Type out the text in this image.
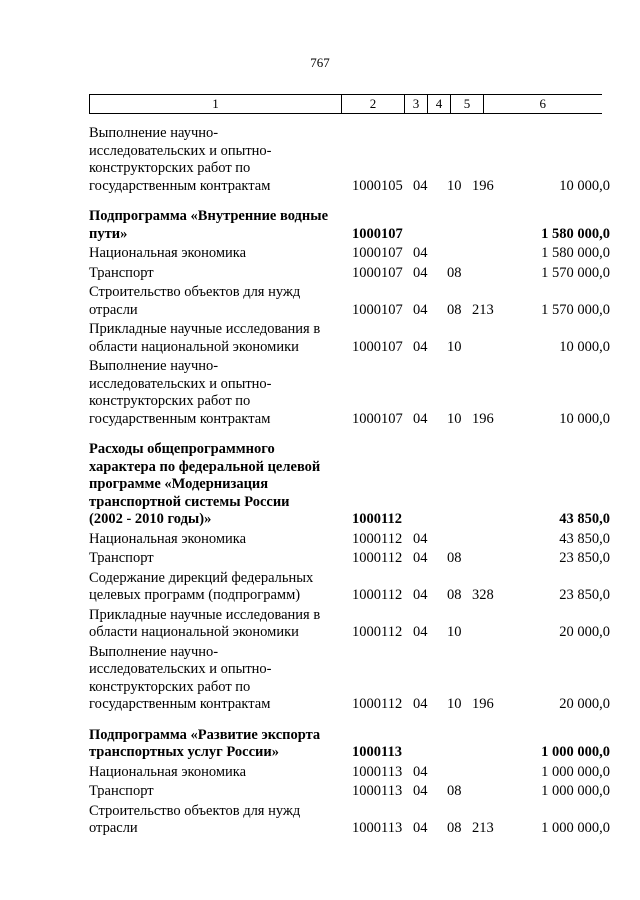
767
1	2	3	4	5	6
Выполнение научно-
исследовательских и опытно-
конструкторских работ по
государственным контрактам	1000105 04 10 196	10 000,0
Подпрограмма «Внутренние водные
пути»	1000107	1 580 000,0
Национальная экономика	1000107 04	1 580 000,0
Транспорт	1000107 04 08	1 570 000,0
Строительство объектов для нужд
отрасли	1000107 04 08 213	1 570 000,0
Прикладные научные исследования в
области национальной экономики	1000107 04 10	10 000,0
Выполнение научно-
исследовательских и опытно-
конструкторских работ по
государственным контрактам	1000107 04 10 196	10 000,0
Расходы общепрограммного
характера по федеральной целевой
программе «Модернизация
транспортной системы России
(2002 - 2010 годы)»	1000112	43 850,0
Национальная экономика	1000112 04	43 850,0
Транспорт	1000112 04 08	23 850,0
Содержание дирекций федеральных
целевых программ (подпрограмм)	1000112 04 08 328	23 850,0
Прикладные научные исследования в
области национальной экономики	1000112 04 10	20 000,0
Выполнение научно-
исследовательских и опытно-
конструкторских работ по
государственным контрактам	1000112 04 10 196	20 000,0
Подпрограмма «Развитие экспорта
транспортных услуг России»	1000113	1 000 000,0
Национальная экономика	1000113 04	1 000 000,0
Транспорт	1000113 04 08	1 000 000,0
Строительство объектов для нужд
отрасли	1000113 04 08 213	1 000 000,0
